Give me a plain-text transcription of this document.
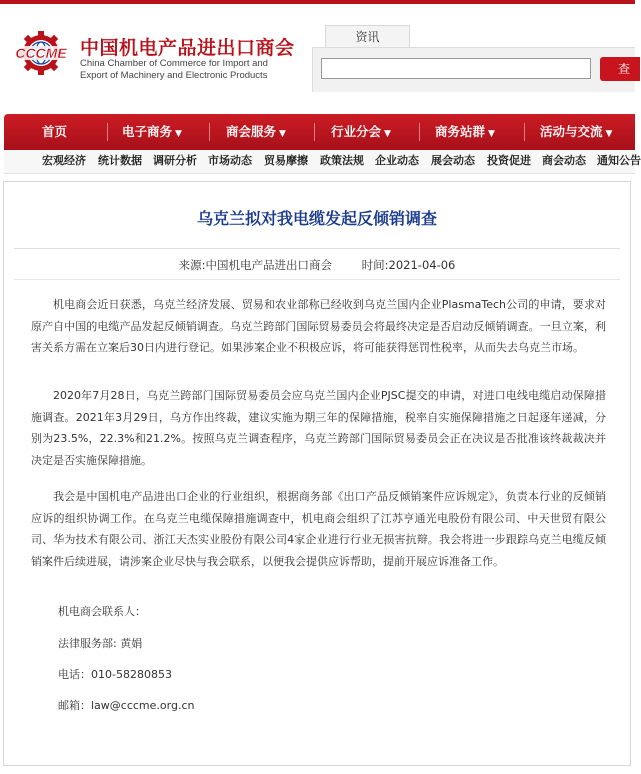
CCCME 中国机电产品进出口商会
China Chamber of Commerce for Import and
Export of Machinery and Electronic Products
资讯
查
首页	电子商务 ▼	商会服务 ▼	行业分会 ▼	商务站群 ▼	活动与交流 ▼
宏观经济 统计数据 调研分析 市场动态 贸易摩擦 政策法规 企业动态 展会动态 投资促进 商会动态 通知公告
乌克兰拟对我电缆发起反倾销调查
来源:中国机电产品进出口商会	时间:2021-04-06

机电商会近日获悉，乌克兰经济发展、贸易和农业部称已经收到乌克兰国内企业PlasmaTech公司的申请，要求对原产自中国的电缆产品发起反倾销调查。乌克兰跨部门国际贸易委员会将最终决定是否启动反倾销调查。一旦立案，利害关系方需在立案后30日内进行登记。如果涉案企业不积极应诉，将可能获得惩罚性税率，从而失去乌克兰市场。

2020年7月28日，乌克兰跨部门国际贸易委员会应乌克兰国内企业PJSC提交的申请，对进口电线电缆启动保障措施调查。2021年3月29日，乌方作出终裁，建议实施为期三年的保障措施，税率自实施保障措施之日起逐年递减，分别为23.5%，22.3%和21.2%。按照乌克兰调查程序，乌克兰跨部门国际贸易委员会正在决议是否批准该终裁裁决并决定是否实施保障措施。

我会是中国机电产品进出口企业的行业组织，根据商务部《出口产品反倾销案件应诉规定》，负责本行业的反倾销应诉的组织协调工作。在乌克兰电缆保障措施调查中，机电商会组织了江苏亨通光电股份有限公司、中天世贸有限公司、华为技术有限公司、浙江天杰实业股份有限公司4家企业进行行业无损害抗辩。我会将进一步跟踪乌克兰电缆反倾销案件后续进展，请涉案企业尽快与我会联系，以便我会提供应诉帮助，提前开展应诉准备工作。

机电商会联系人：
法律服务部: 黄娟
电话：010-58280853
邮箱：law@cccme.org.cn
